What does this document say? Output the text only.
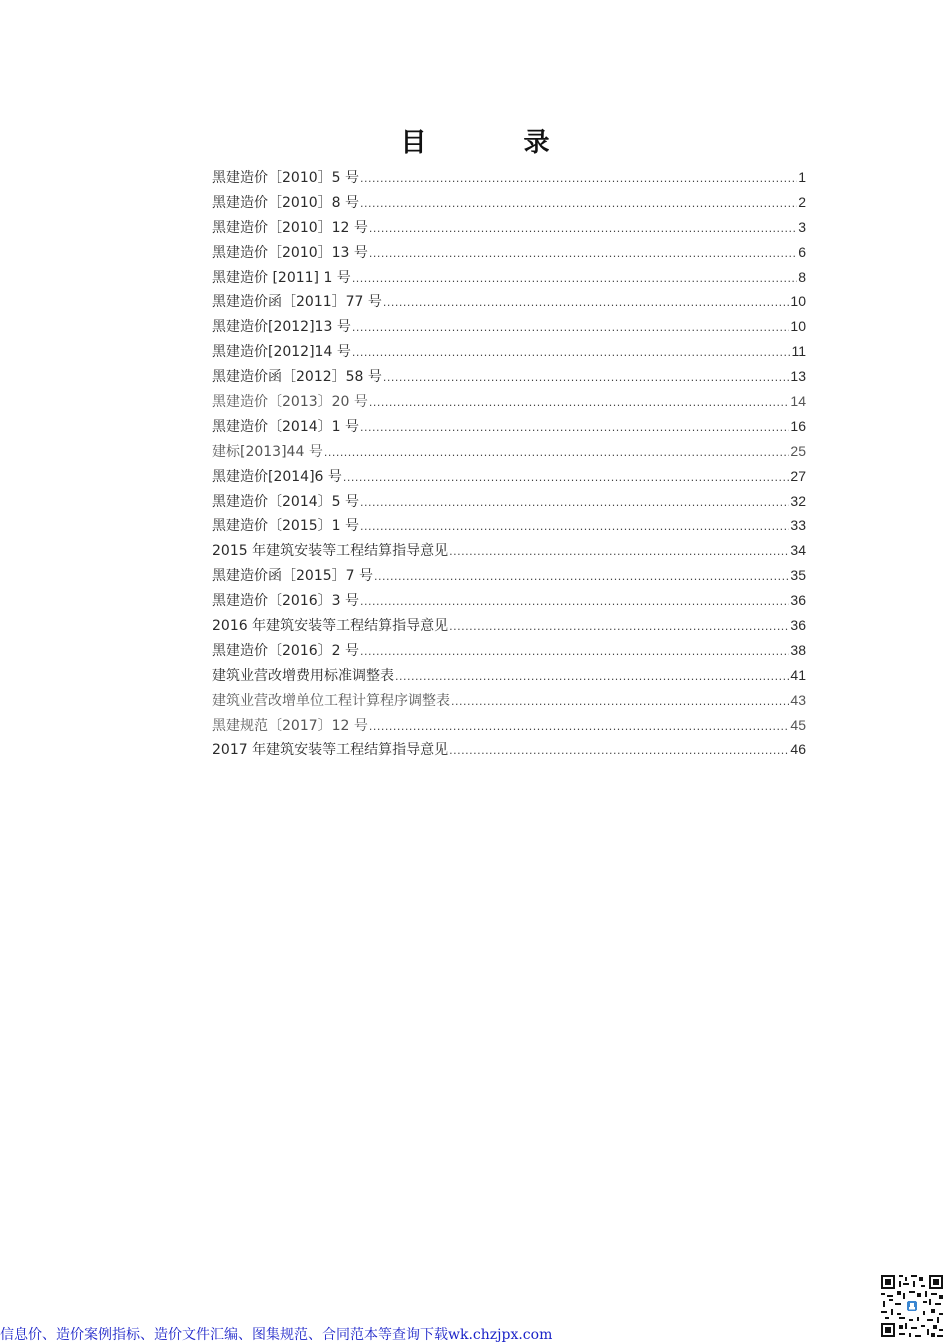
目 录
黑建造价［2010］5 号 .....	1
黑建造价［2010］8 号 .....	2
黑建造价［2010］12 号 .....	3
黑建造价［2010］13 号 .....	6
黑建造价 [2011] 1 号 .....	8
黑建造价函［2011］77 号 .....	10
黑建造价[2012]13 号 .....	10
黑建造价[2012]14 号 .....	11
黑建造价函［2012］58 号 .....	13
黑建造价〔2013〕20 号 .....	14
黑建造价〔2014〕1 号 .....	16
建标[2013]44 号 .....	25
黑建造价[2014]6 号 .....	27
黑建造价〔2014〕5 号 .....	32
黑建造价〔2015〕1 号 .....	33
2015 年建筑安装等工程结算指导意见 .....	34
黑建造价函［2015］7 号 .....	35
黑建造价〔2016〕3 号 .....	36
2016 年建筑安装等工程结算指导意见 .....	36
黑建造价〔2016〕2 号 .....	38
建筑业营改增费用标准调整表 .....	41
建筑业营改增单位工程计算程序调整表 .....	43
黑建规范〔2017〕12 号 .....	45
2017 年建筑安装等工程结算指导意见 .....	46
信息价、造价案例指标、造价文件汇编、图集规范、合同范本等查询下载wk.chzjpx.com
